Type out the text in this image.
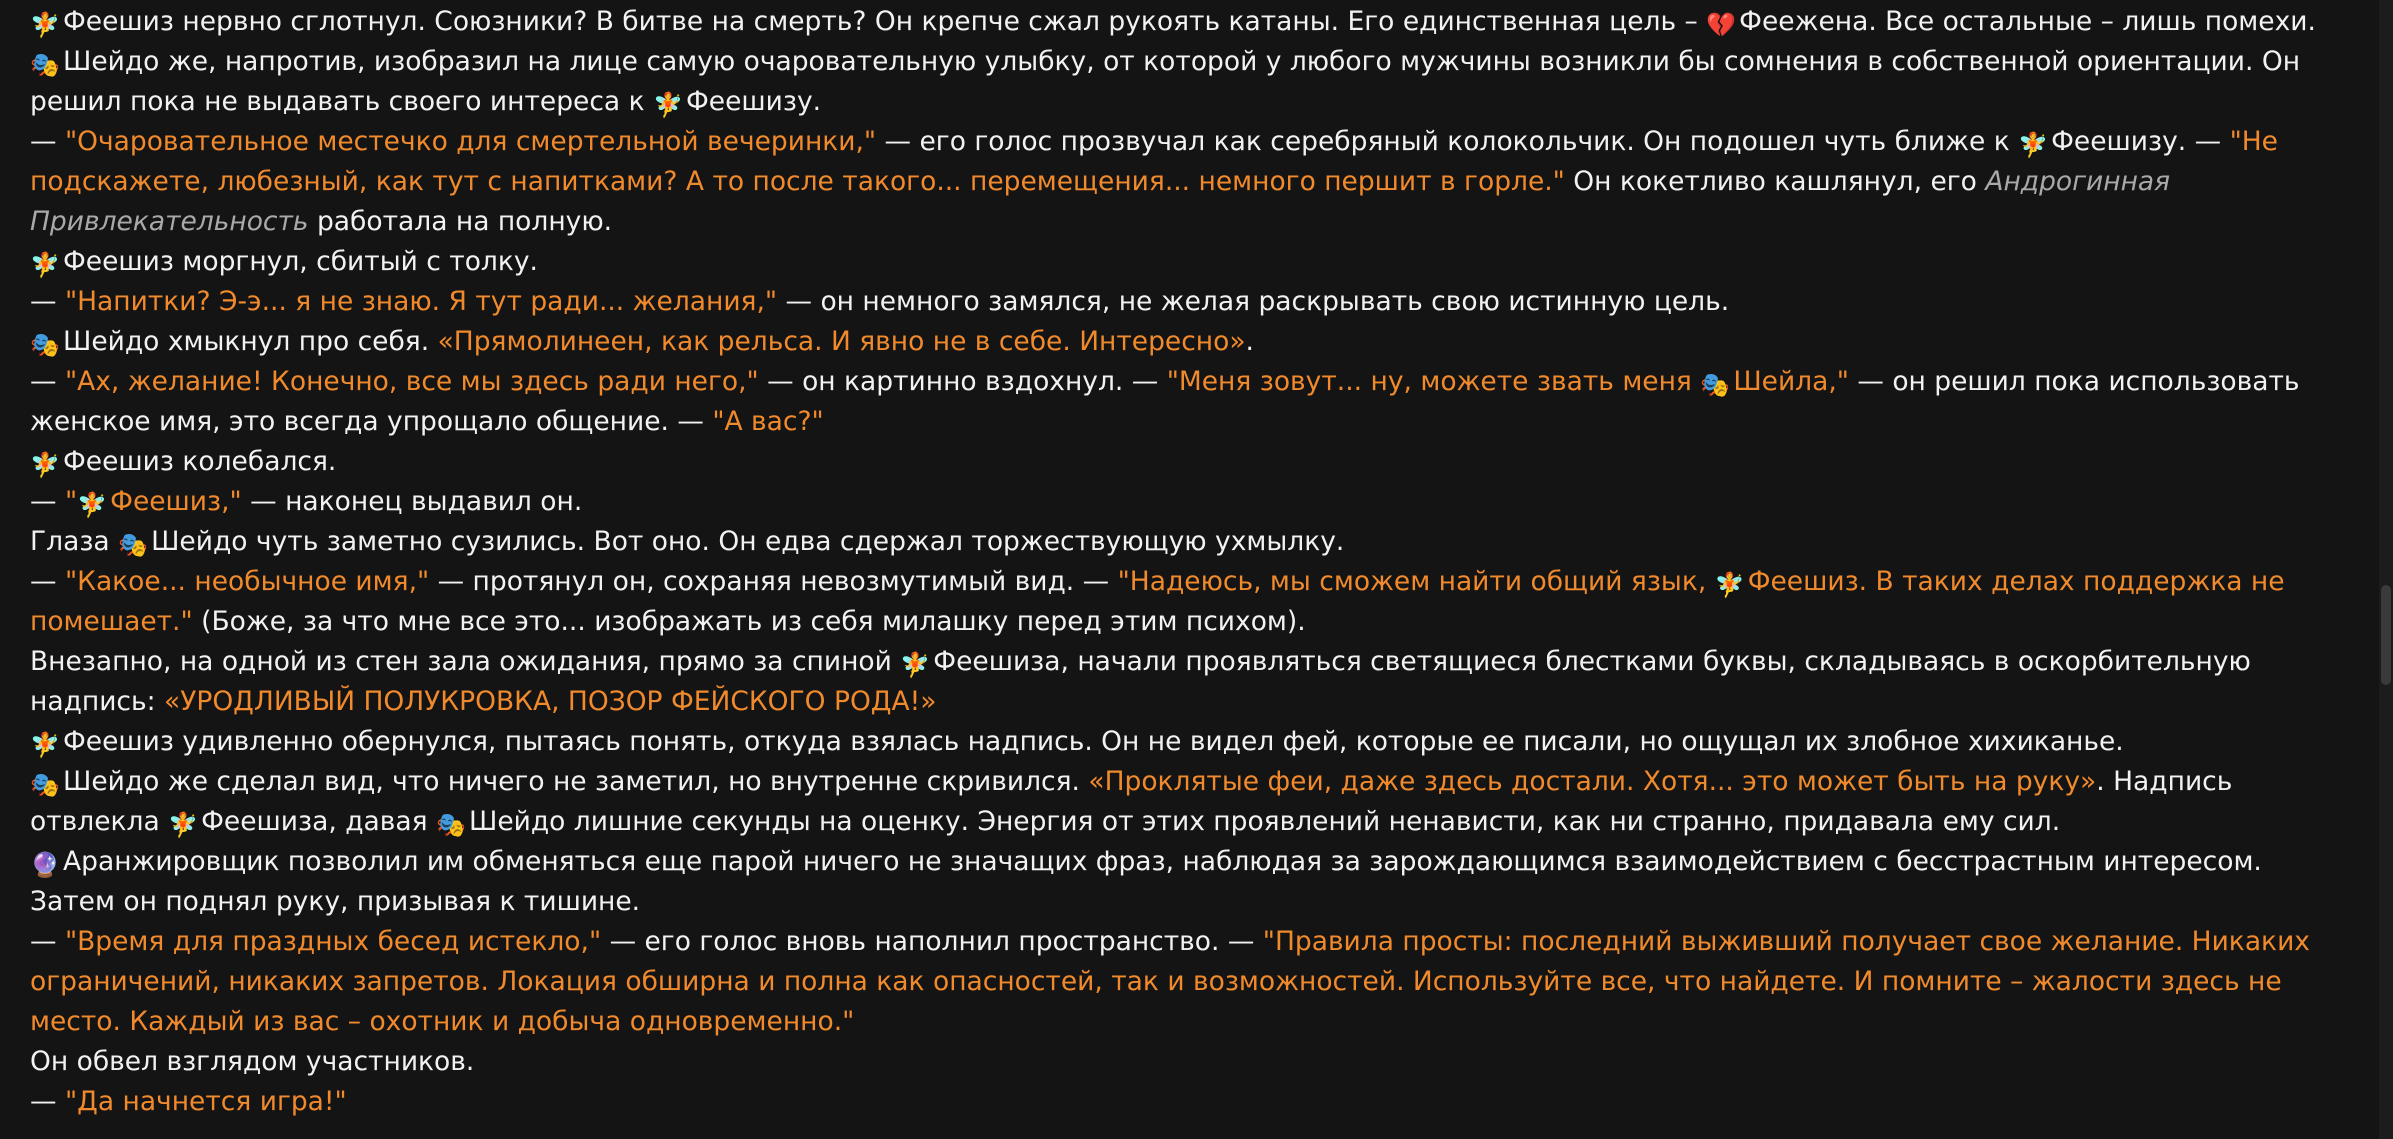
🧚 Феешиз нервно сглотнул. Союзники? В битве на смерть? Он крепче сжал рукоять катаны. Его единственная цель – 💔 Феежена. Все остальные – лишь помехи.

🎭 Шейдо же, напротив, изобразил на лице самую очаровательную улыбку, от которой у любого мужчины возникли бы сомнения в собственной ориентации. Он решил пока не выдавать своего интереса к 🧚 Феешизу.

— "Очаровательное местечко для смертельной вечеринки," — его голос прозвучал как серебряный колокольчик. Он подошел чуть ближе к 🧚 Феешизу. — "Не подскажете, любезный, как тут с напитками? А то после такого... перемещения... немного першит в горле." Он кокетливо кашлянул, его Андрогинная Привлекательность работала на полную.

🧚 Феешиз моргнул, сбитый с толку.

— "Напитки? Э-э... я не знаю. Я тут ради... желания," — он немного замялся, не желая раскрывать свою истинную цель.

🎭 Шейдо хмыкнул про себя. «Прямолинеен, как рельса. И явно не в себе. Интересно».

— "Ах, желание! Конечно, все мы здесь ради него," — он картинно вздохнул. — "Меня зовут... ну, можете звать меня 🎭 Шейла," — он решил пока использовать женское имя, это всегда упрощало общение. — "А вас?"

🧚 Феешиз колебался.

— "🧚 Феешиз," — наконец выдавил он.

Глаза 🎭 Шейдо чуть заметно сузились. Вот оно. Он едва сдержал торжествующую ухмылку.

— "Какое... необычное имя," — протянул он, сохраняя невозмутимый вид. — "Надеюсь, мы сможем найти общий язык, 🧚 Феешиз. В таких делах поддержка не помешает." (Боже, за что мне все это... изображать из себя милашку перед этим психом).

Внезапно, на одной из стен зала ожидания, прямо за спиной 🧚 Феешиза, начали проявляться светящиеся блестками буквы, складываясь в оскорбительную надпись: «УРОДЛИВЫЙ ПОЛУКРОВКА, ПОЗОР ФЕЙСКОГО РОДА!»

🧚 Феешиз удивленно обернулся, пытаясь понять, откуда взялась надпись. Он не видел фей, которые ее писали, но ощущал их злобное хихиканье.

🎭 Шейдо же сделал вид, что ничего не заметил, но внутренне скривился. «Проклятые феи, даже здесь достали. Хотя... это может быть на руку». Надпись отвлекла 🧚 Феешиза, давая 🎭 Шейдо лишние секунды на оценку. Энергия от этих проявлений ненависти, как ни странно, придавала ему сил.

🔮 Аранжировщик позволил им обменяться еще парой ничего не значащих фраз, наблюдая за зарождающимся взаимодействием с бесстрастным интересом. Затем он поднял руку, призывая к тишине.

— "Время для праздных бесед истекло," — его голос вновь наполнил пространство. — "Правила просты: последний выживший получает свое желание. Никаких ограничений, никаких запретов. Локация обширна и полна как опасностей, так и возможностей. Используйте все, что найдете. И помните – жалости здесь не место. Каждый из вас – охотник и добыча одновременно."

Он обвел взглядом участников.

— "Да начнется игра!"
